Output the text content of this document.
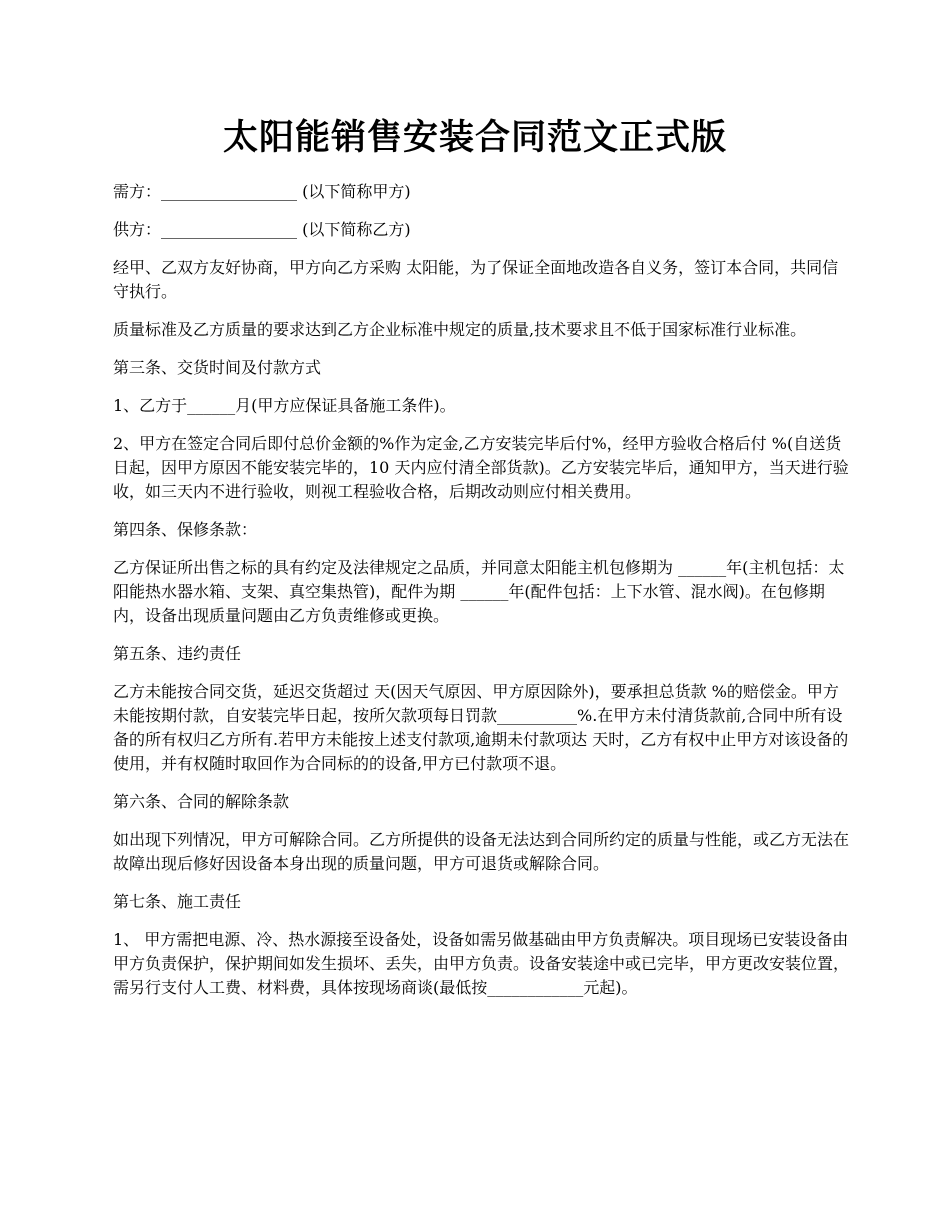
太阳能销售安装合同范文正式版

需方：_________________ (以下简称甲方)

供方：_________________ (以下简称乙方)

经甲、乙双方友好协商，甲方向乙方采购 太阳能，为了保证全面地改造各自义务，签订本合同，共同信守执行。

质量标准及乙方质量的要求达到乙方企业标准中规定的质量,技术要求且不低于国家标准行业标准。

第三条、交货时间及付款方式

1、乙方于______月(甲方应保证具备施工条件)。

2、甲方在签定合同后即付总价金额的%作为定金,乙方安装完毕后付%，经甲方验收合格后付 %(自送货日起，因甲方原因不能安装完毕的，10 天内应付清全部货款)。乙方安装完毕后，通知甲方，当天进行验收，如三天内不进行验收，则视工程验收合格，后期改动则应付相关费用。

第四条、保修条款：

乙方保证所出售之标的具有约定及法律规定之品质，并同意太阳能主机包修期为 ______年(主机包括：太阳能热水器水箱、支架、真空集热管)，配件为期 ______年(配件包括：上下水管、混水阀)。在包修期内，设备出现质量问题由乙方负责维修或更换。

第五条、违约责任

乙方未能按合同交货，延迟交货超过 天(因天气原因、甲方原因除外)，要承担总货款 %的赔偿金。甲方未能按期付款，自安装完毕日起，按所欠款项每日罚款__________%.在甲方未付清货款前,合同中所有设备的所有权归乙方所有.若甲方未能按上述支付款项,逾期未付款项达 天时，乙方有权中止甲方对该设备的使用，并有权随时取回作为合同标的的设备,甲方已付款项不退。

第六条、合同的解除条款

如出现下列情况，甲方可解除合同。乙方所提供的设备无法达到合同所约定的质量与性能，或乙方无法在故障出现后修好因设备本身出现的质量问题，甲方可退货或解除合同。

第七条、施工责任

1、 甲方需把电源、冷、热水源接至设备处，设备如需另做基础由甲方负责解决。项目现场已安装设备由甲方负责保护，保护期间如发生损坏、丢失，由甲方负责。设备安装途中或已完毕，甲方更改安装位置，需另行支付人工费、材料费，具体按现场商谈(最低按____________元起)。
